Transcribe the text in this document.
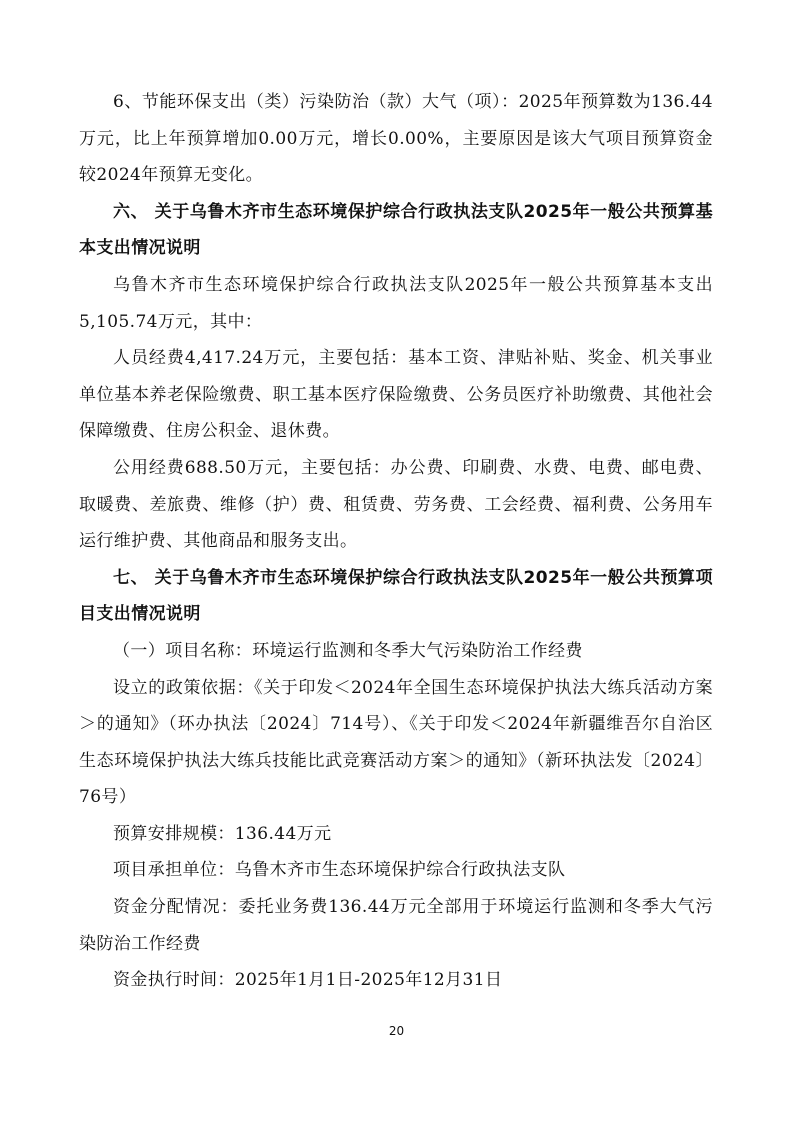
6、节能环保支出（类）污染防治（款）大气（项）：2025年预算数为136.44万元，比上年预算增加0.00万元，增长0.00%，主要原因是该大气项目预算资金较2024年预算无变化。

六、 关于乌鲁木齐市生态环境保护综合行政执法支队2025年一般公共预算基本支出情况说明

乌鲁木齐市生态环境保护综合行政执法支队2025年一般公共预算基本支出5,105.74万元，其中：

人员经费4,417.24万元，主要包括：基本工资、津贴补贴、奖金、机关事业单位基本养老保险缴费、职工基本医疗保险缴费、公务员医疗补助缴费、其他社会保障缴费、住房公积金、退休费。

公用经费688.50万元，主要包括：办公费、印刷费、水费、电费、邮电费、取暖费、差旅费、维修（护）费、租赁费、劳务费、工会经费、福利费、公务用车运行维护费、其他商品和服务支出。

七、 关于乌鲁木齐市生态环境保护综合行政执法支队2025年一般公共预算项目支出情况说明

（一）项目名称：环境运行监测和冬季大气污染防治工作经费

设立的政策依据：《关于印发＜2024年全国生态环境保护执法大练兵活动方案＞的通知》（环办执法〔2024〕714号）、《关于印发＜2024年新疆维吾尔自治区生态环境保护执法大练兵技能比武竞赛活动方案＞的通知》（新环执法发〔2024〕76号）

预算安排规模：136.44万元

项目承担单位：乌鲁木齐市生态环境保护综合行政执法支队

资金分配情况：委托业务费136.44万元全部用于环境运行监测和冬季大气污染防治工作经费

资金执行时间：2025年1月1日-2025年12月31日

20
